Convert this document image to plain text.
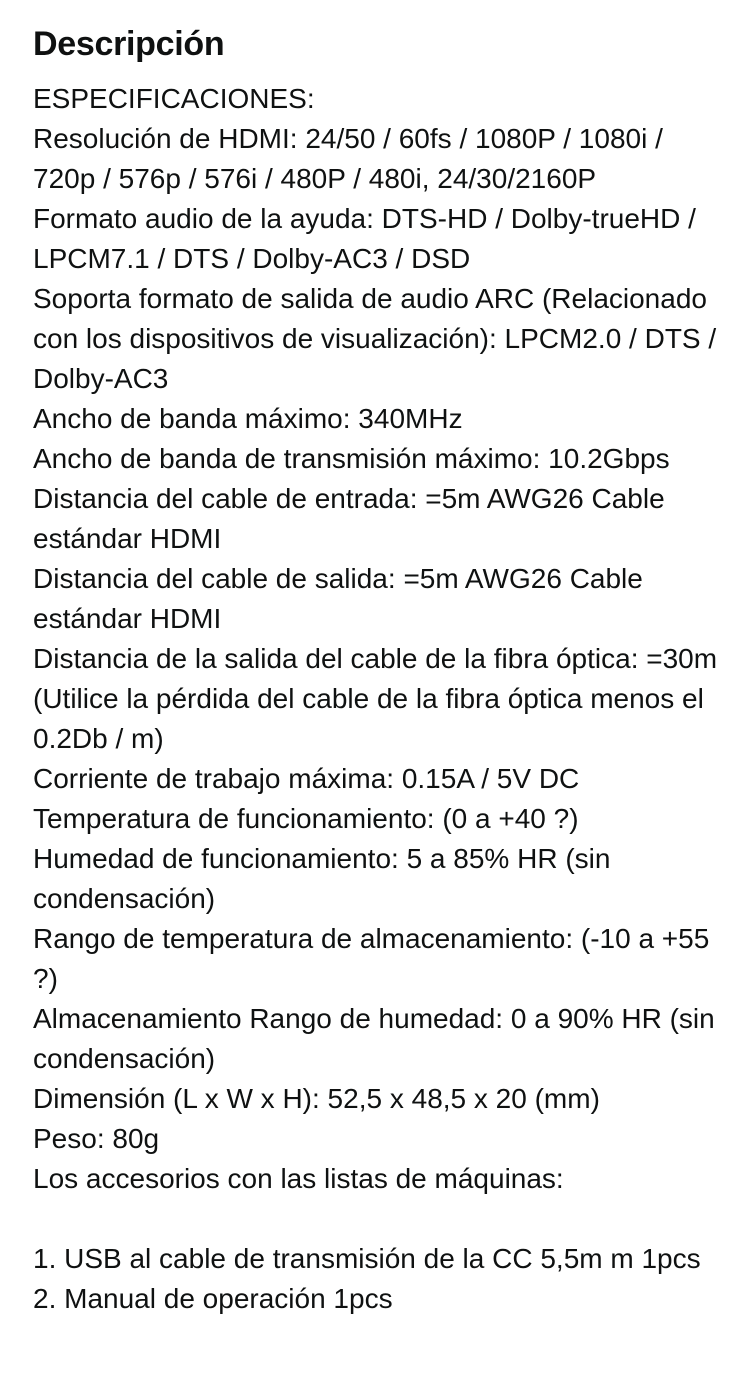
Descripción

ESPECIFICACIONES:

Resolución de HDMI: 24/50 / 60fs / 1080P / 1080i / 720p / 576p / 576i / 480P / 480i, 24/30/2160P

Formato audio de la ayuda: DTS-HD / Dolby-trueHD / LPCM7.1 / DTS / Dolby-AC3 / DSD

Soporta formato de salida de audio ARC (Relacionado con los dispositivos de visualización): LPCM2.0 / DTS / Dolby-AC3

Ancho de banda máximo: 340MHz

Ancho de banda de transmisión máximo: 10.2Gbps

Distancia del cable de entrada: =5m AWG26 Cable estándar HDMI

Distancia del cable de salida: =5m AWG26 Cable estándar HDMI

Distancia de la salida del cable de la fibra óptica: =30m (Utilice la pérdida del cable de la fibra óptica menos el 0.2Db / m)

Corriente de trabajo máxima: 0.15A / 5V DC

Temperatura de funcionamiento: (0 a +40 ?)

Humedad de funcionamiento: 5 a 85% HR (sin condensación)

Rango de temperatura de almacenamiento: (-10 a +55 ?)

Almacenamiento Rango de humedad: 0 a 90% HR (sin condensación)

Dimensión (L x W x H): 52,5 x 48,5 x 20 (mm)

Peso: 80g

Los accesorios con las listas de máquinas:

1. USB al cable de transmisión de la CC 5,5m m 1pcs

2. Manual de operación 1pcs
